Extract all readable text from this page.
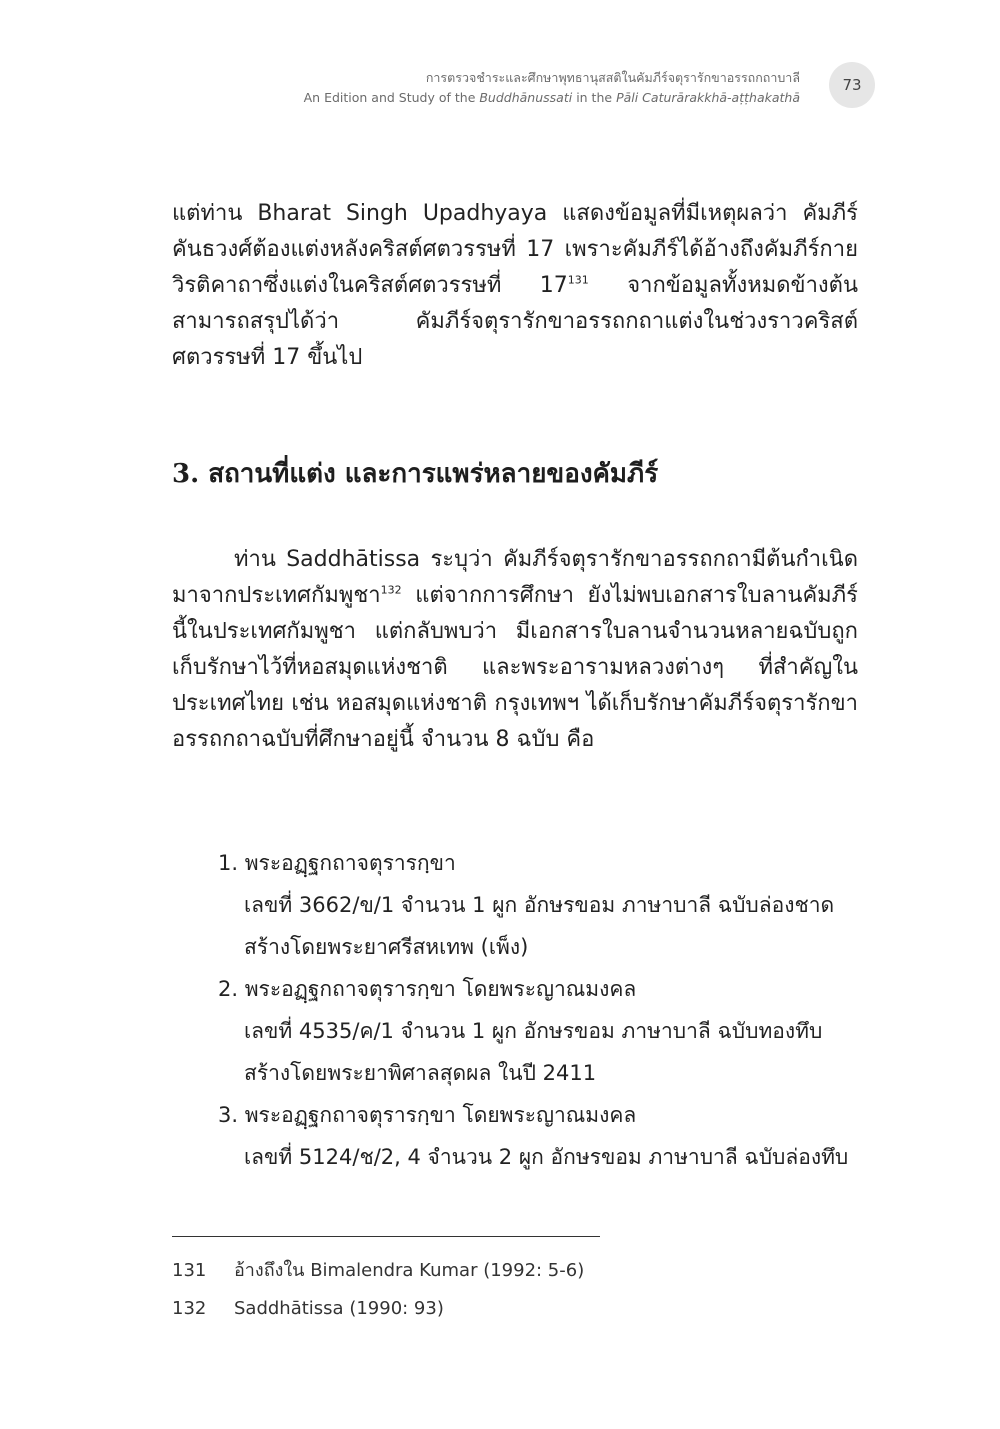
การตรวจชำระและศึกษาพุทธานุสสติในคัมภีร์จตุรารักขาอรรถกถาบาลี
An Edition and Study of the Buddhānussati in the Pāli Caturārakkhā-aṭṭhakathā
73
แต่ท่าน Bharat Singh Upadhyaya แสดงข้อมูลที่มีเหตุผลว่า คัมภีร์คันธวงศ์ต้องแต่งหลังคริสต์ศตวรรษที่ 17 เพราะคัมภีร์ได้อ้างถึงคัมภีร์กายวิรติคาถาซึ่งแต่งในคริสต์ศตวรรษที่ $17^{131}$ จากข้อมูลทั้งหมดข้างต้นสามารถสรุปได้ว่า คัมภีร์จตุรารักขาอรรถกถาแต่งในช่วงราวคริสต์ศตวรรษที่ 17 ขึ้นไป
3. สถานที่แต่ง และการแพร่หลายของคัมภีร์
ท่าน Saddhātissa ระบุว่า คัมภีร์จตุรารักขาอรรถกถามีต้นกำเนิดมาจากประเทศกัมพูชา$^{132}$ แต่จากการศึกษา ยังไม่พบเอกสารใบลานคัมภีร์นี้ในประเทศกัมพูชา แต่กลับพบว่า มีเอกสารใบลานจำนวนหลายฉบับถูกเก็บรักษาไว้ที่หอสมุดแห่งชาติ และพระอารามหลวงต่างๆ ที่สำคัญในประเทศไทย เช่น หอสมุดแห่งชาติ กรุงเทพฯ ได้เก็บรักษาคัมภีร์จตุรารักขาอรรถกถาฉบับที่ศึกษาอยู่นี้ จำนวน 8 ฉบับ คือ
1. พระอฏฺฐกถาจตุรารกฺขา
เลขที่ 3662/ข/1 จำนวน 1 ผูก อักษรขอม ภาษาบาลี ฉบับล่องชาด
สร้างโดยพระยาศรีสหเทพ (เพ็ง)
2. พระอฏฺฐกถาจตุรารกฺขา โดยพระญาณมงคล
เลขที่ 4535/ค/1 จำนวน 1 ผูก อักษรขอม ภาษาบาลี ฉบับทองทึบ
สร้างโดยพระยาพิศาลสุดผล ในปี 2411
3. พระอฏฺฐกถาจตุรารกฺขา โดยพระญาณมงคล
เลขที่ 5124/ช/2, 4 จำนวน 2 ผูก อักษรขอม ภาษาบาลี ฉบับล่องทึบ
131 อ้างถึงใน Bimalendra Kumar (1992: 5-6)
132 Saddhātissa (1990: 93)
